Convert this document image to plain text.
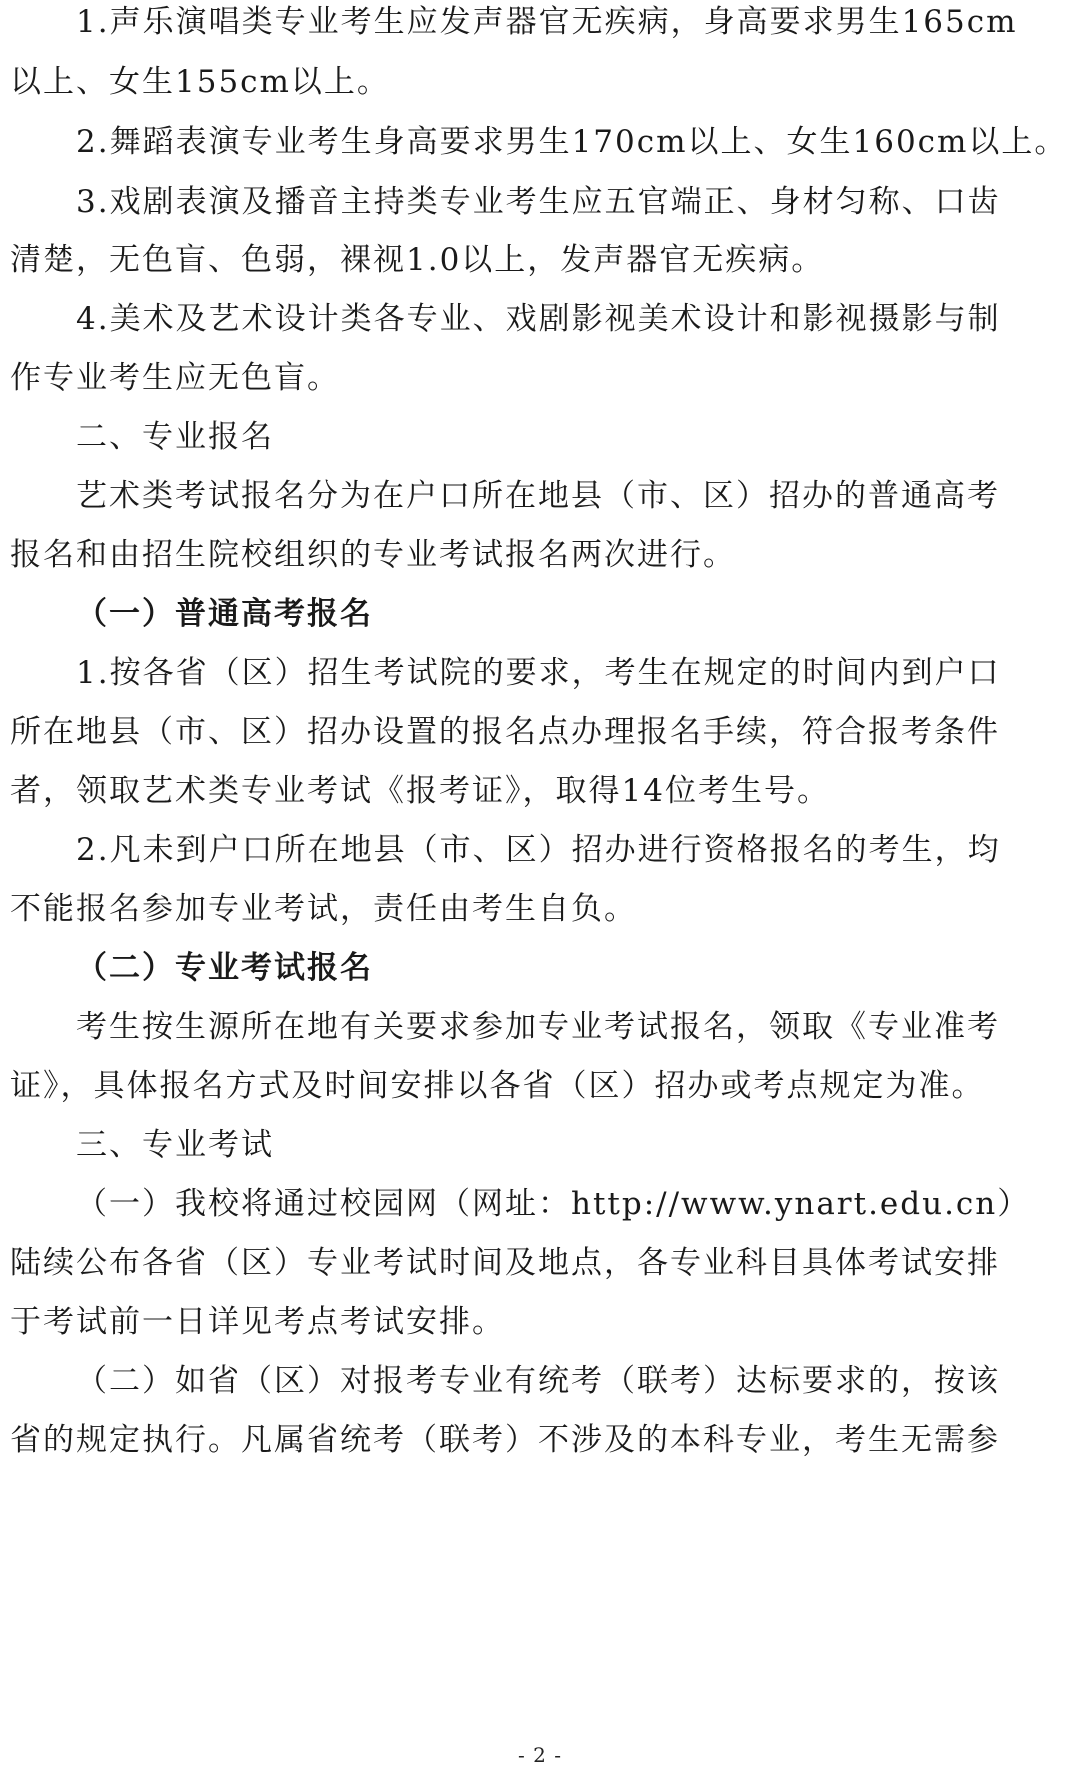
1.声乐演唱类专业考生应发声器官无疾病，身高要求男生165cm
以上、女生155cm以上。
2.舞蹈表演专业考生身高要求男生170cm以上、女生160cm以上。
3.戏剧表演及播音主持类专业考生应五官端正、身材匀称、口齿
清楚，无色盲、色弱，裸视1.0以上，发声器官无疾病。
4.美术及艺术设计类各专业、戏剧影视美术设计和影视摄影与制
作专业考生应无色盲。
二、专业报名
艺术类考试报名分为在户口所在地县（市、区）招办的普通高考
报名和由招生院校组织的专业考试报名两次进行。
（一）普通高考报名
1.按各省（区）招生考试院的要求，考生在规定的时间内到户口
所在地县（市、区）招办设置的报名点办理报名手续，符合报考条件
者，领取艺术类专业考试《报考证》，取得14位考生号。
2.凡未到户口所在地县（市、区）招办进行资格报名的考生，均
不能报名参加专业考试，责任由考生自负。
（二）专业考试报名
考生按生源所在地有关要求参加专业考试报名，领取《专业准考
证》，具体报名方式及时间安排以各省（区）招办或考点规定为准。
三、专业考试
（一）我校将通过校园网（网址：http://www.ynart.edu.cn）
陆续公布各省（区）专业考试时间及地点，各专业科目具体考试安排
于考试前一日详见考点考试安排。
（二）如省（区）对报考专业有统考（联考）达标要求的，按该
省的规定执行。凡属省统考（联考）不涉及的本科专业，考生无需参
- 2 -
